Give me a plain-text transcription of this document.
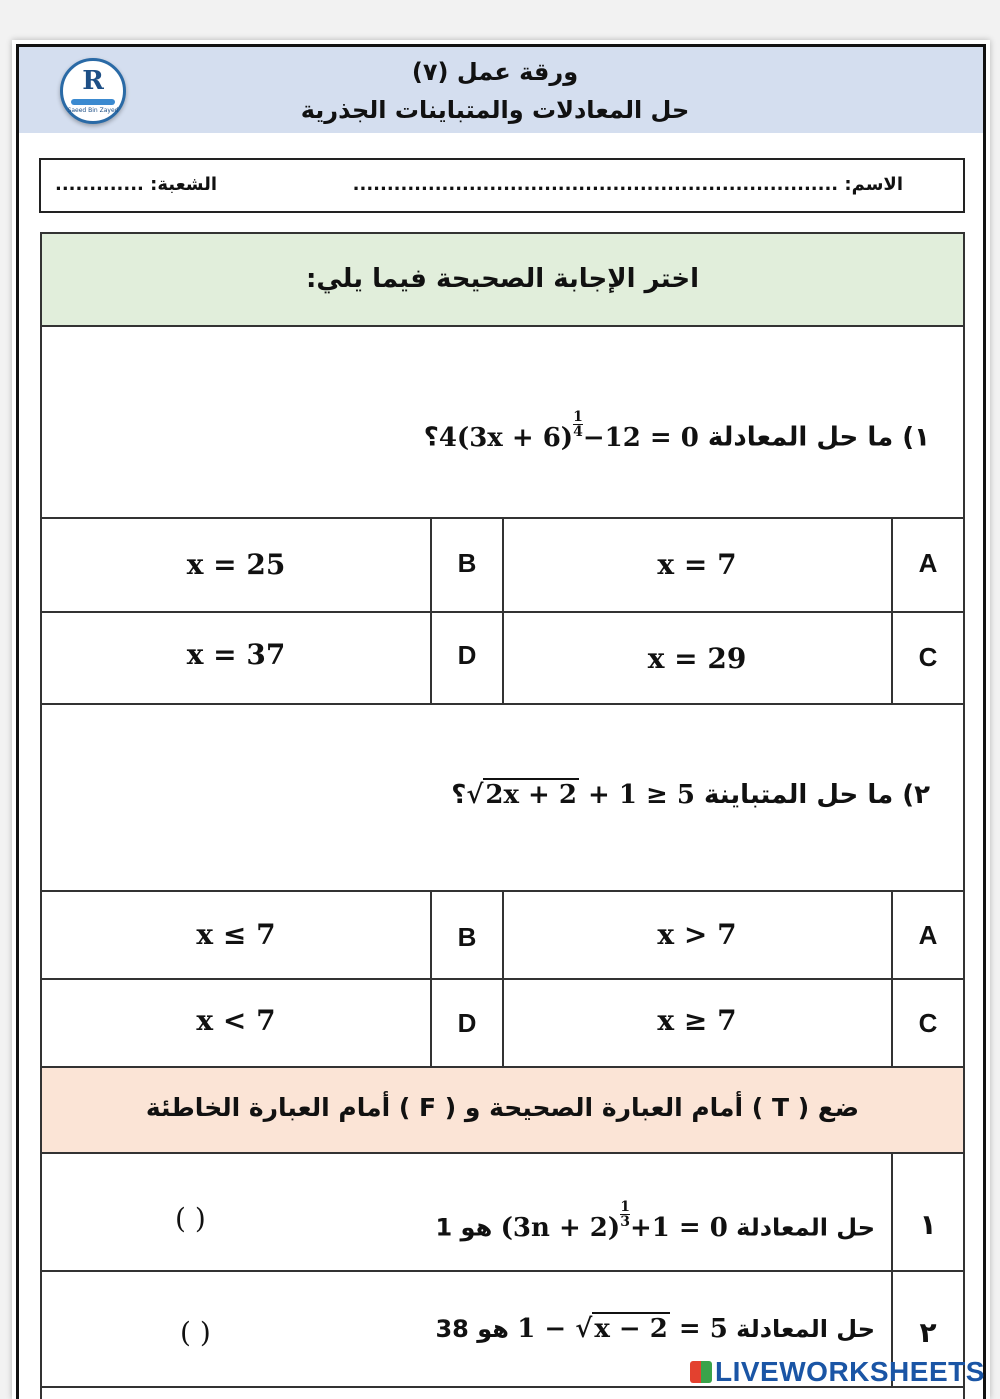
R
Saeed Bin Zayed
ورقة عمل (٧)
حل المعادلات والمتباينات الجذرية
الاسم: .......................................................................
الشعبة: .............
اختر الإجابة الصحيحة فيما يلي:
١) ما حل المعادلة $4(3x + 6) \frac{1}{4} -12$ = 0؟
A
x = 7
B
x = 25
C
x = 29
D
x = 37
٢) ما حل المتباينة √2x + 2 + 1 ≥ 5؟
A
x > 7
B
x ≤ 7
C
x ≥ 7
D
x < 7
ضع ( T ) أمام العبارة الصحيحة و ( F ) أمام العبارة الخاطئة
١
حل المعادلة $(3n + 2) \frac{1}{3} +1 = 0$ هو 1
( )
٢
حل المعادلة 1 − √x − 2 = 5 هو 38
( )
LIVEWORKSHEETS
